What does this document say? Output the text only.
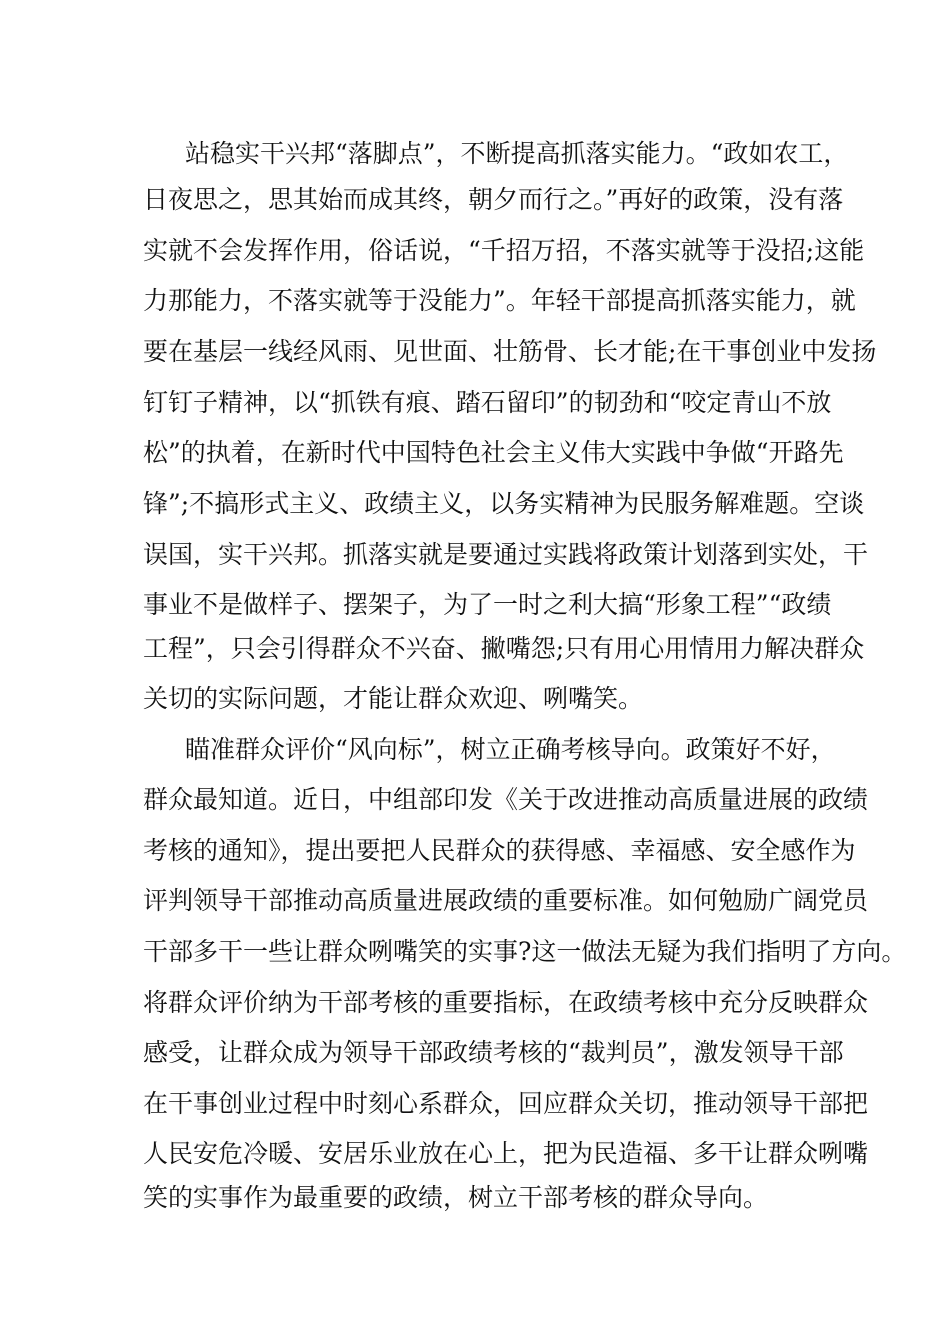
站稳实干兴邦“落脚点”，不断提高抓落实能力。“政如农工，
日夜思之，思其始而成其终，朝夕而行之。”再好的政策，没有落
实就不会发挥作用，俗话说，“千招万招，不落实就等于没招;这能
力那能力，不落实就等于没能力”。年轻干部提高抓落实能力，就
要在基层一线经风雨、见世面、壮筋骨、长才能;在干事创业中发扬
钉钉子精神，以“抓铁有痕、踏石留印”的韧劲和“咬定青山不放
松”的执着，在新时代中国特色社会主义伟大实践中争做“开路先
锋”;不搞形式主义、政绩主义，以务实精神为民服务解难题。空谈
误国，实干兴邦。抓落实就是要通过实践将政策计划落到实处，干
事业不是做样子、摆架子，为了一时之利大搞“形象工程”“政绩
工程”，只会引得群众不兴奋、撇嘴怨;只有用心用情用力解决群众
关切的实际问题，才能让群众欢迎、咧嘴笑。
瞄准群众评价“风向标”，树立正确考核导向。政策好不好，
群众最知道。近日，中组部印发《关于改进推动高质量进展的政绩
考核的通知》，提出要把人民群众的获得感、幸福感、安全感作为
评判领导干部推动高质量进展政绩的重要标准。如何勉励广阔党员
干部多干一些让群众咧嘴笑的实事?这一做法无疑为我们指明了方向。
将群众评价纳为干部考核的重要指标，在政绩考核中充分反映群众
感受，让群众成为领导干部政绩考核的“裁判员”，激发领导干部
在干事创业过程中时刻心系群众，回应群众关切，推动领导干部把
人民安危冷暖、安居乐业放在心上，把为民造福、多干让群众咧嘴
笑的实事作为最重要的政绩，树立干部考核的群众导向。
